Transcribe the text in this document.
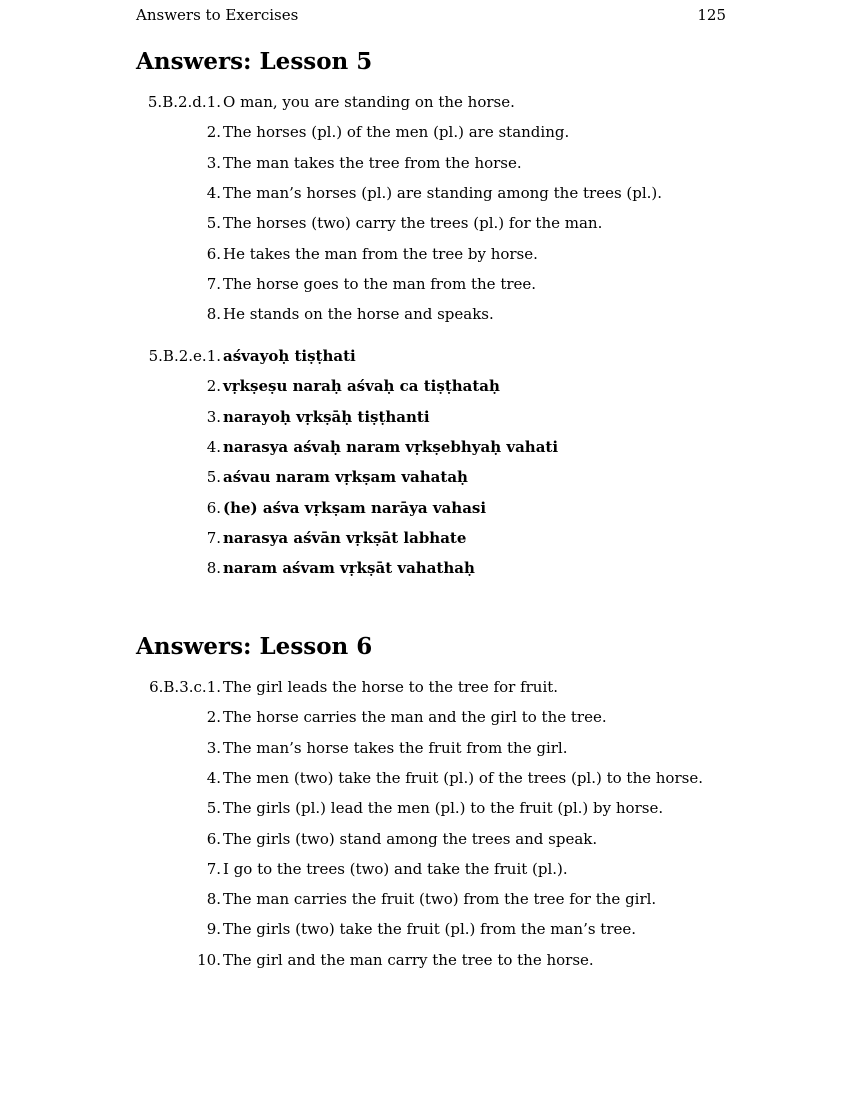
Answers to Exercises	125
Answers: Lesson 5
5.B.2.d.1. O man, you are standing on the horse.
2. The horses (pl.) of the men (pl.) are standing.
3. The man takes the tree from the horse.
4. The man’s horses (pl.) are standing among the trees (pl.).
5. The horses (two) carry the trees (pl.) for the man.
6. He takes the man from the tree by horse.
7. The horse goes to the man from the tree.
8. He stands on the horse and speaks.
5.B.2.e.1. aśvayoḥ tiṣṭhati
2. vṛkṣeṣu naraḥ aśvaḥ ca tiṣṭhataḥ
3. narayoḥ vṛkṣāḥ tiṣṭhanti
4. narasya aśvaḥ naram vṛkṣebhyaḥ vahati
5. aśvau naram vṛkṣam vahataḥ
6. (he) aśva vṛkṣam narāya vahasi
7. narasya aśvān vṛkṣāt labhate
8. naram aśvam vṛkṣāt vahathaḥ
Answers: Lesson 6
6.B.3.c.1. The girl leads the horse to the tree for fruit.
2. The horse carries the man and the girl to the tree.
3. The man’s horse takes the fruit from the girl.
4. The men (two) take the fruit (pl.) of the trees (pl.) to the horse.
5. The girls (pl.) lead the men (pl.) to the fruit (pl.) by horse.
6. The girls (two) stand among the trees and speak.
7. I go to the trees (two) and take the fruit (pl.).
8. The man carries the fruit (two) from the tree for the girl.
9. The girls (two) take the fruit (pl.) from the man’s tree.
10. The girl and the man carry the tree to the horse.
